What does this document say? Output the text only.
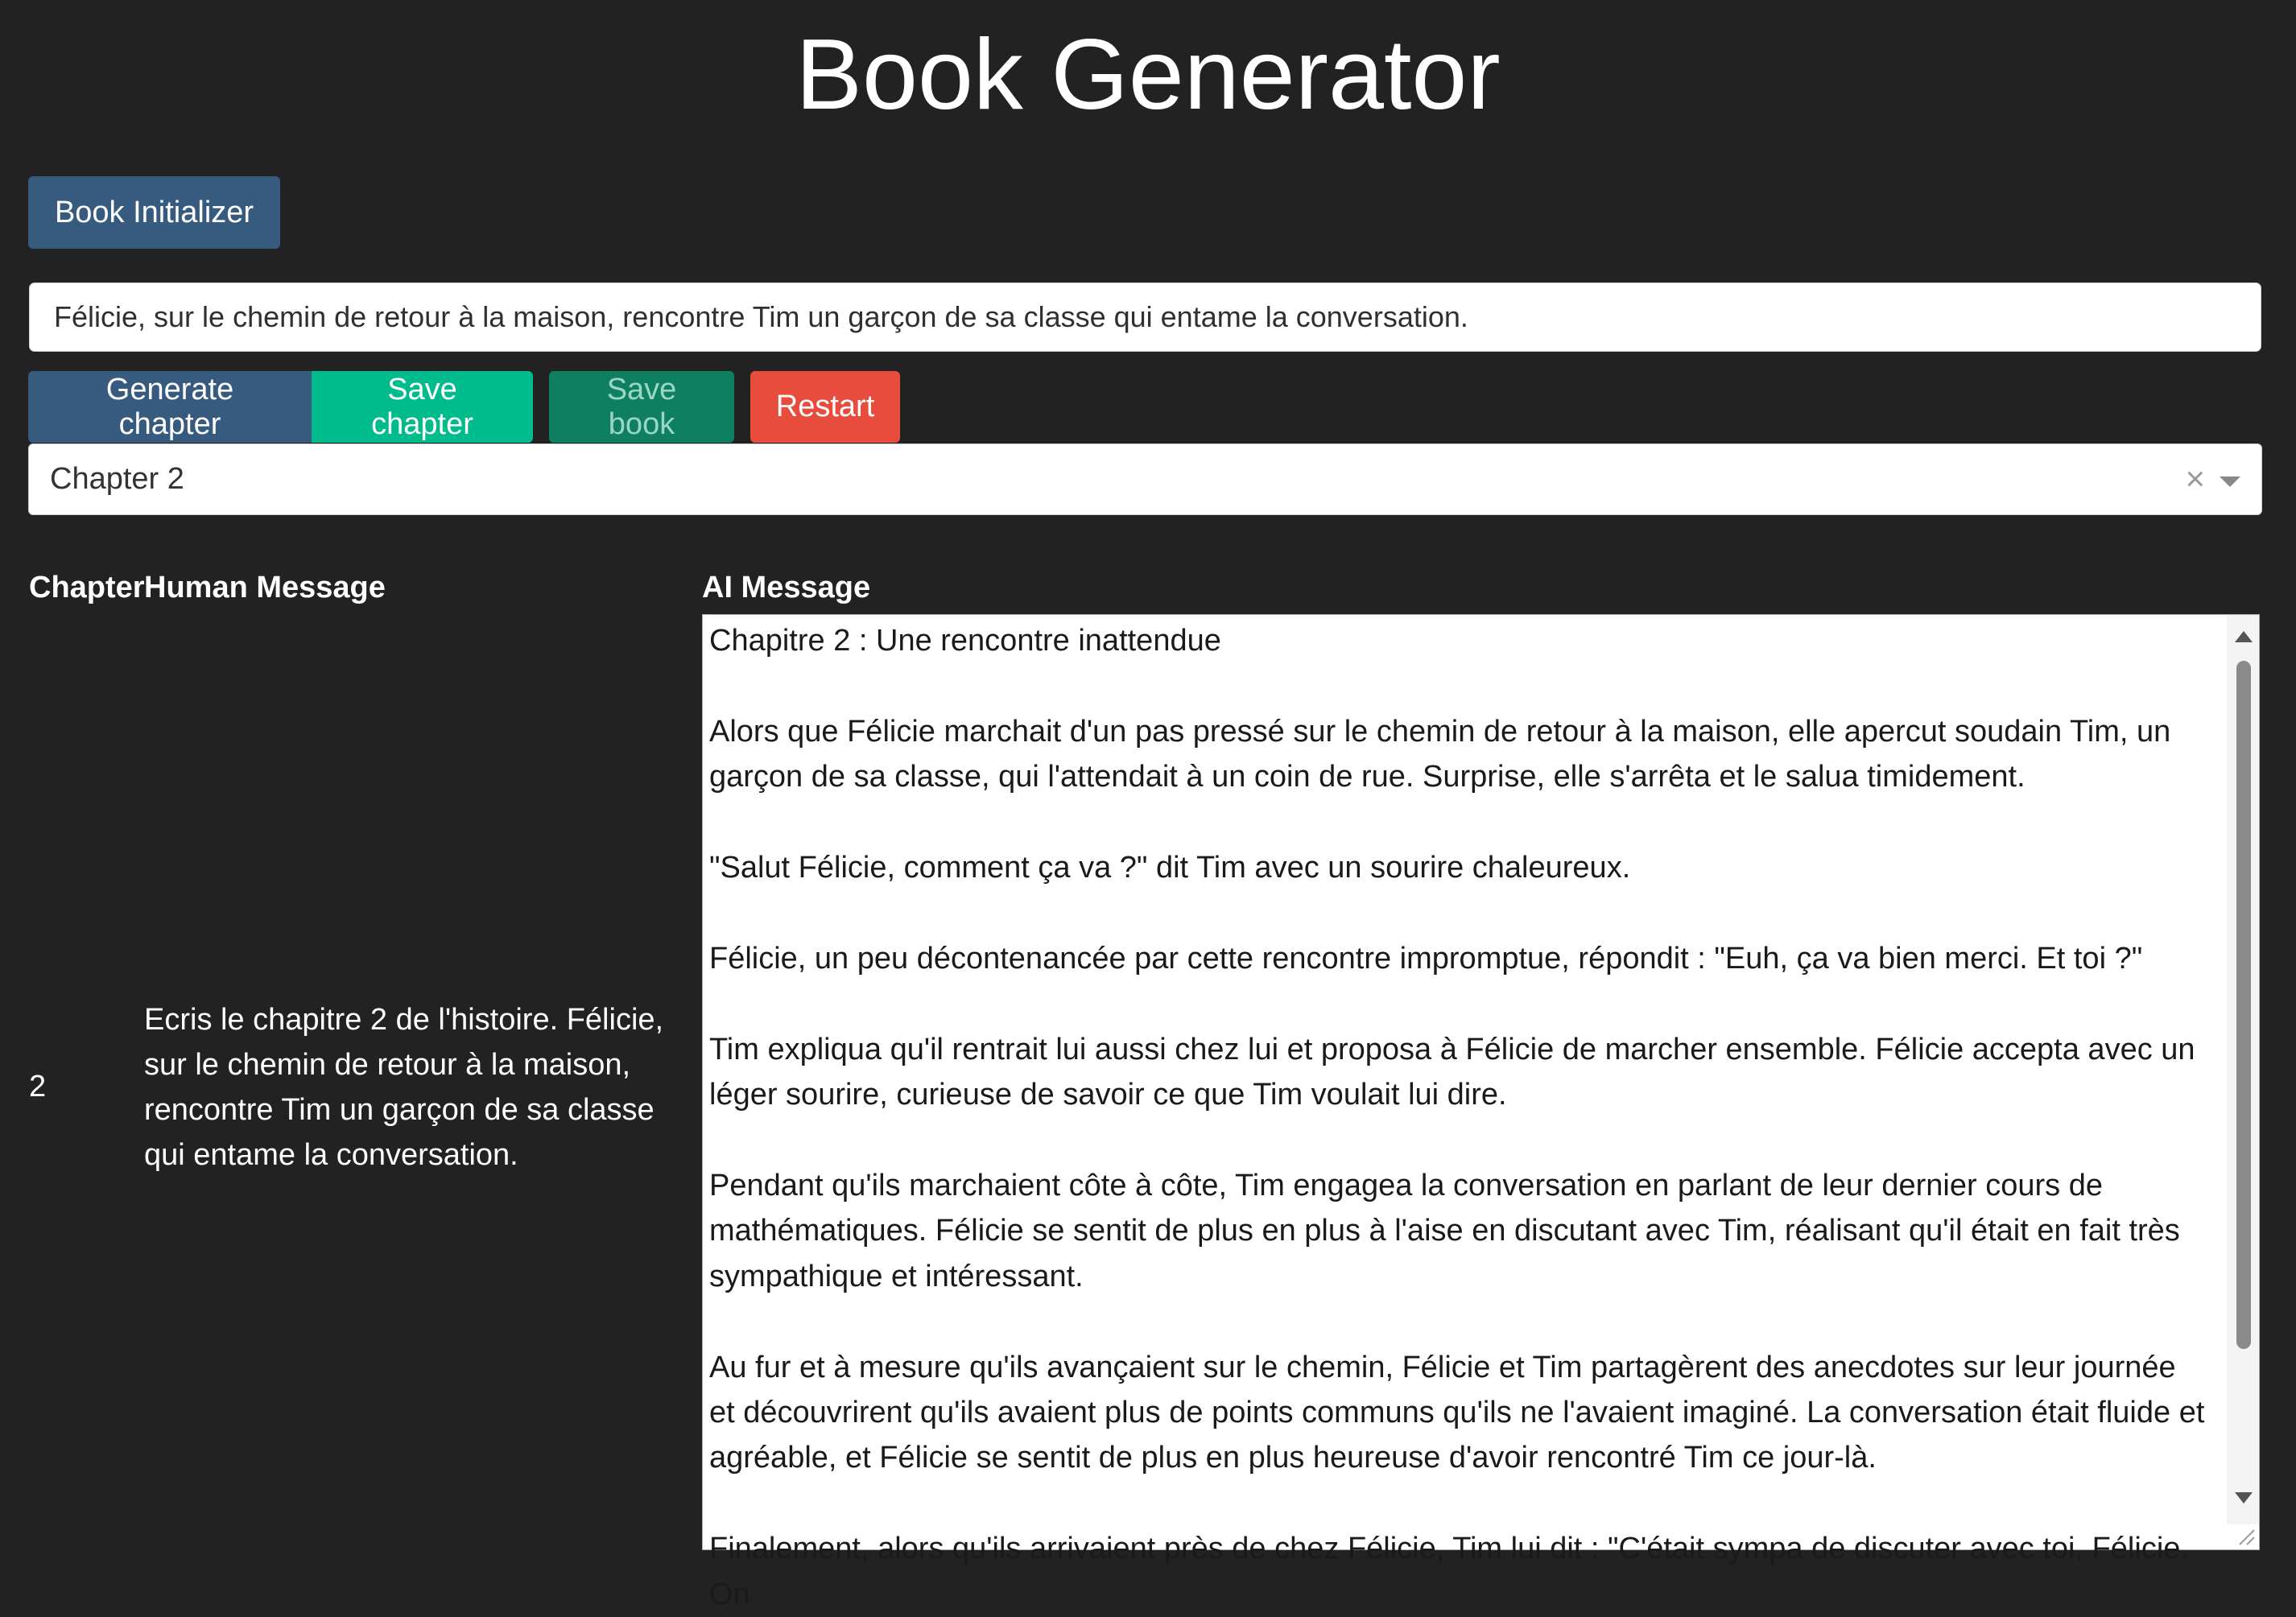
Book Generator
Book Initializer
Félicie, sur le chemin de retour à la maison, rencontre Tim un garçon de sa classe qui entame la conversation.
Generate chapter
Save chapter
Save book
Restart
Chapter 2	×
Chapter Human Message	AI Message
2
Ecris le chapitre 2 de l'histoire. Félicie, sur le chemin de retour à la maison, rencontre Tim un garçon de sa classe qui entame la conversation.
Chapitre 2 : Une rencontre inattendue

Alors que Félicie marchait d'un pas pressé sur le chemin de retour à la maison, elle apercut soudain Tim, un garçon de sa classe, qui l'attendait à un coin de rue. Surprise, elle s'arrêta et le salua timidement.

"Salut Félicie, comment ça va ?" dit Tim avec un sourire chaleureux.

Félicie, un peu décontenancée par cette rencontre impromptue, répondit : "Euh, ça va bien merci. Et toi ?"

Tim expliqua qu'il rentrait lui aussi chez lui et proposa à Félicie de marcher ensemble. Félicie accepta avec un léger sourire, curieuse de savoir ce que Tim voulait lui dire.

Pendant qu'ils marchaient côte à côte, Tim engagea la conversation en parlant de leur dernier cours de mathématiques. Félicie se sentit de plus en plus à l'aise en discutant avec Tim, réalisant qu'il était en fait très sympathique et intéressant.

Au fur et à mesure qu'ils avançaient sur le chemin, Félicie et Tim partagèrent des anecdotes sur leur journée et découvrirent qu'ils avaient plus de points communs qu'ils ne l'avaient imaginé. La conversation était fluide et agréable, et Félicie se sentit de plus en plus heureuse d'avoir rencontré Tim ce jour-là.

Finalement, alors qu'ils arrivaient près de chez Félicie, Tim lui dit : "C'était sympa de discuter avec toi, Félicie. On
